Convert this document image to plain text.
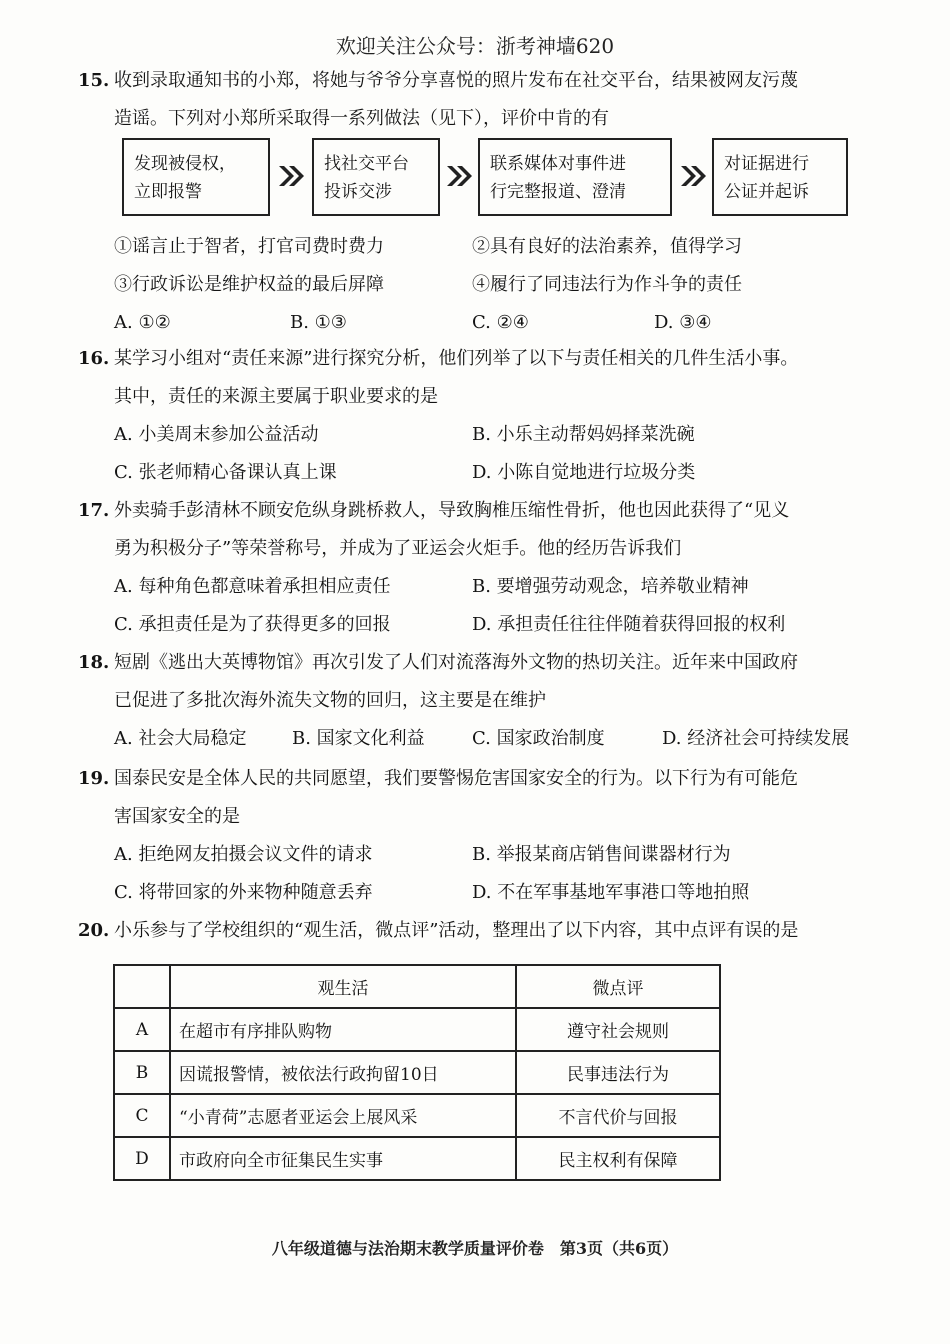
欢迎关注公众号：浙考神墙620
15. 收到录取通知书的小郑，将她与爷爷分享喜悦的照片发布在社交平台，结果被网友污蔑
造谣。下列对小郑所采取得一系列做法（见下），评价中肯的有
发现被侵权，
立即报警
找社交平台
投诉交涉
联系媒体对事件进
行完整报道、澄清
对证据进行
公证并起诉
①谣言止于智者，打官司费时费力	②具有良好的法治素养，值得学习
③行政诉讼是维护权益的最后屏障	④履行了同违法行为作斗争的责任
A. ①②	B. ①③	C. ②④	D. ③④
16. 某学习小组对“责任来源”进行探究分析，他们列举了以下与责任相关的几件生活小事。
其中，责任的来源主要属于职业要求的是
A. 小美周末参加公益活动	B. 小乐主动帮妈妈择菜洗碗
C. 张老师精心备课认真上课	D. 小陈自觉地进行垃圾分类
17. 外卖骑手彭清林不顾安危纵身跳桥救人，导致胸椎压缩性骨折，他也因此获得了“见义
勇为积极分子”等荣誉称号，并成为了亚运会火炬手。他的经历告诉我们
A. 每种角色都意味着承担相应责任	B. 要增强劳动观念，培养敬业精神
C. 承担责任是为了获得更多的回报	D. 承担责任往往伴随着获得回报的权利
18. 短剧《逃出大英博物馆》再次引发了人们对流落海外文物的热切关注。近年来中国政府
已促进了多批次海外流失文物的回归，这主要是在维护
A. 社会大局稳定	B. 国家文化利益	C. 国家政治制度	D. 经济社会可持续发展
19. 国泰民安是全体人民的共同愿望，我们要警惕危害国家安全的行为。以下行为有可能危
害国家安全的是
A. 拒绝网友拍摄会议文件的请求	B. 举报某商店销售间谍器材行为
C. 将带回家的外来物种随意丢弃	D. 不在军事基地军事港口等地拍照
20. 小乐参与了学校组织的“观生活，微点评”活动，整理出了以下内容，其中点评有误的是
	观生活	微点评
A	在超市有序排队购物	遵守社会规则
B	因谎报警情，被依法行政拘留10日	民事违法行为
C	“小青荷”志愿者亚运会上展风采	不言代价与回报
D	市政府向全市征集民生实事	民主权利有保障
八年级道德与法治期末教学质量评价卷　第3页（共6页）
